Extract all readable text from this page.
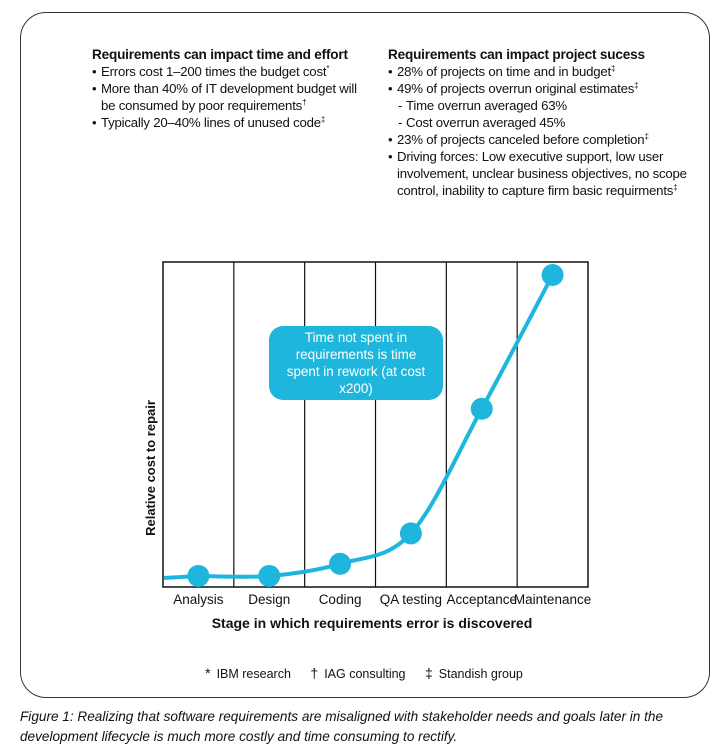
Requirements can impact time and effort
• Errors cost 1–200 times the budget cost*
• More than 40% of IT development budget will be consumed by poor requirements†
• Typically 20–40% lines of unused code‡
Requirements can impact project sucess
• 28% of projects on time and in budget‡
• 49% of projects overrun original estimates‡
- Time overrun averaged 63%
- Cost overrun averaged 45%
• 23% of projects canceled before completion‡
• Driving forces: Low executive support, low user involvement, unclear business objectives, no scope control, inability to capture firm basic requirments‡
Analysis Design Coding QA testing Acceptance
Maintenance
Stage in which requirements error is discovered
Relative cost to repair
Time not spent in requirements is time spent in rework (at cost x200)
* IBM research † IAG consulting ‡ Standish group
Figure 1: Realizing that software requirements are misaligned with stakeholder needs and goals later in the development lifecycle is much more costly and time consuming to rectify.
